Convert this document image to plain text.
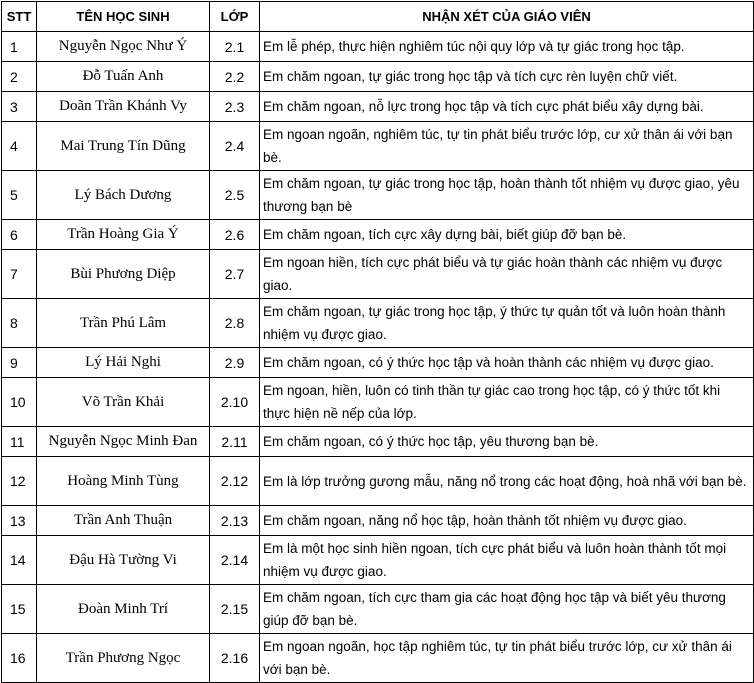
STT	TÊN HỌC SINH	LỚP	NHẬN XÉT CỦA GIÁO VIÊN
1	Nguyễn Ngọc Như Ý	2.1	Em lễ phép, thực hiện nghiêm túc nội quy lớp và tự giác trong học tập.
2	Đỗ Tuấn Anh	2.2	Em chăm ngoan, tự giác trong học tập và tích cực rèn luyện chữ viết.
3	Doãn Trần Khánh Vy	2.3	Em chăm ngoan, nỗ lực trong học tập và tích cực phát biểu xây dựng bài.
4	Mai Trung Tín Dũng	2.4	Em ngoan ngoãn, nghiêm túc, tự tin phát biểu trước lớp, cư xử thân ái với bạn bè.
5	Lý Bách Dương	2.5	Em chăm ngoan, tự giác trong học tập, hoàn thành tốt nhiệm vụ được giao, yêu thương bạn bè
6	Trần Hoàng Gia Ý	2.6	Em chăm ngoan, tích cực xây dựng bài, biết giúp đỡ bạn bè.
7	Bùi Phương Diệp	2.7	Em ngoan hiền, tích cực phát biểu và tự giác hoàn thành các nhiệm vụ được giao.
8	Trần Phú Lâm	2.8	Em chăm ngoan, tự giác trong học tập, ý thức tự quản tốt và luôn hoàn thành nhiệm vụ được giao.
9	Lý Hải Nghi	2.9	Em chăm ngoan, có ý thức học tập và hoàn thành các nhiệm vụ được giao.
10	Võ Trần Khải	2.10	Em ngoan, hiền, luôn có tinh thần tự giác cao trong học tập, có ý thức tốt khi thực hiện nề nếp của lớp.
11	Nguyễn Ngọc Minh Đan	2.11	Em chăm ngoan, có ý thức học tập, yêu thương bạn bè.
12	Hoàng Minh Tùng	2.12	Em là lớp trưởng gương mẫu, năng nổ trong các hoạt động, hoà nhã với bạn bè.
13	Trần Anh Thuận	2.13	Em chăm ngoan, năng nổ học tập, hoàn thành tốt nhiệm vụ được giao.
14	Đậu Hà Tường Vi	2.14	Em là một học sinh hiền ngoan, tích cực phát biểu và luôn hoàn thành tốt mọi nhiệm vụ được giao.
15	Đoàn Minh Trí	2.15	Em chăm ngoan, tích cực tham gia các hoạt động học tập và biết yêu thương giúp đỡ bạn bè.
16	Trần Phương Ngọc	2.16	Em ngoan ngoãn, học tập nghiêm túc, tự tin phát biểu trước lớp, cư xử thân ái với bạn bè.
